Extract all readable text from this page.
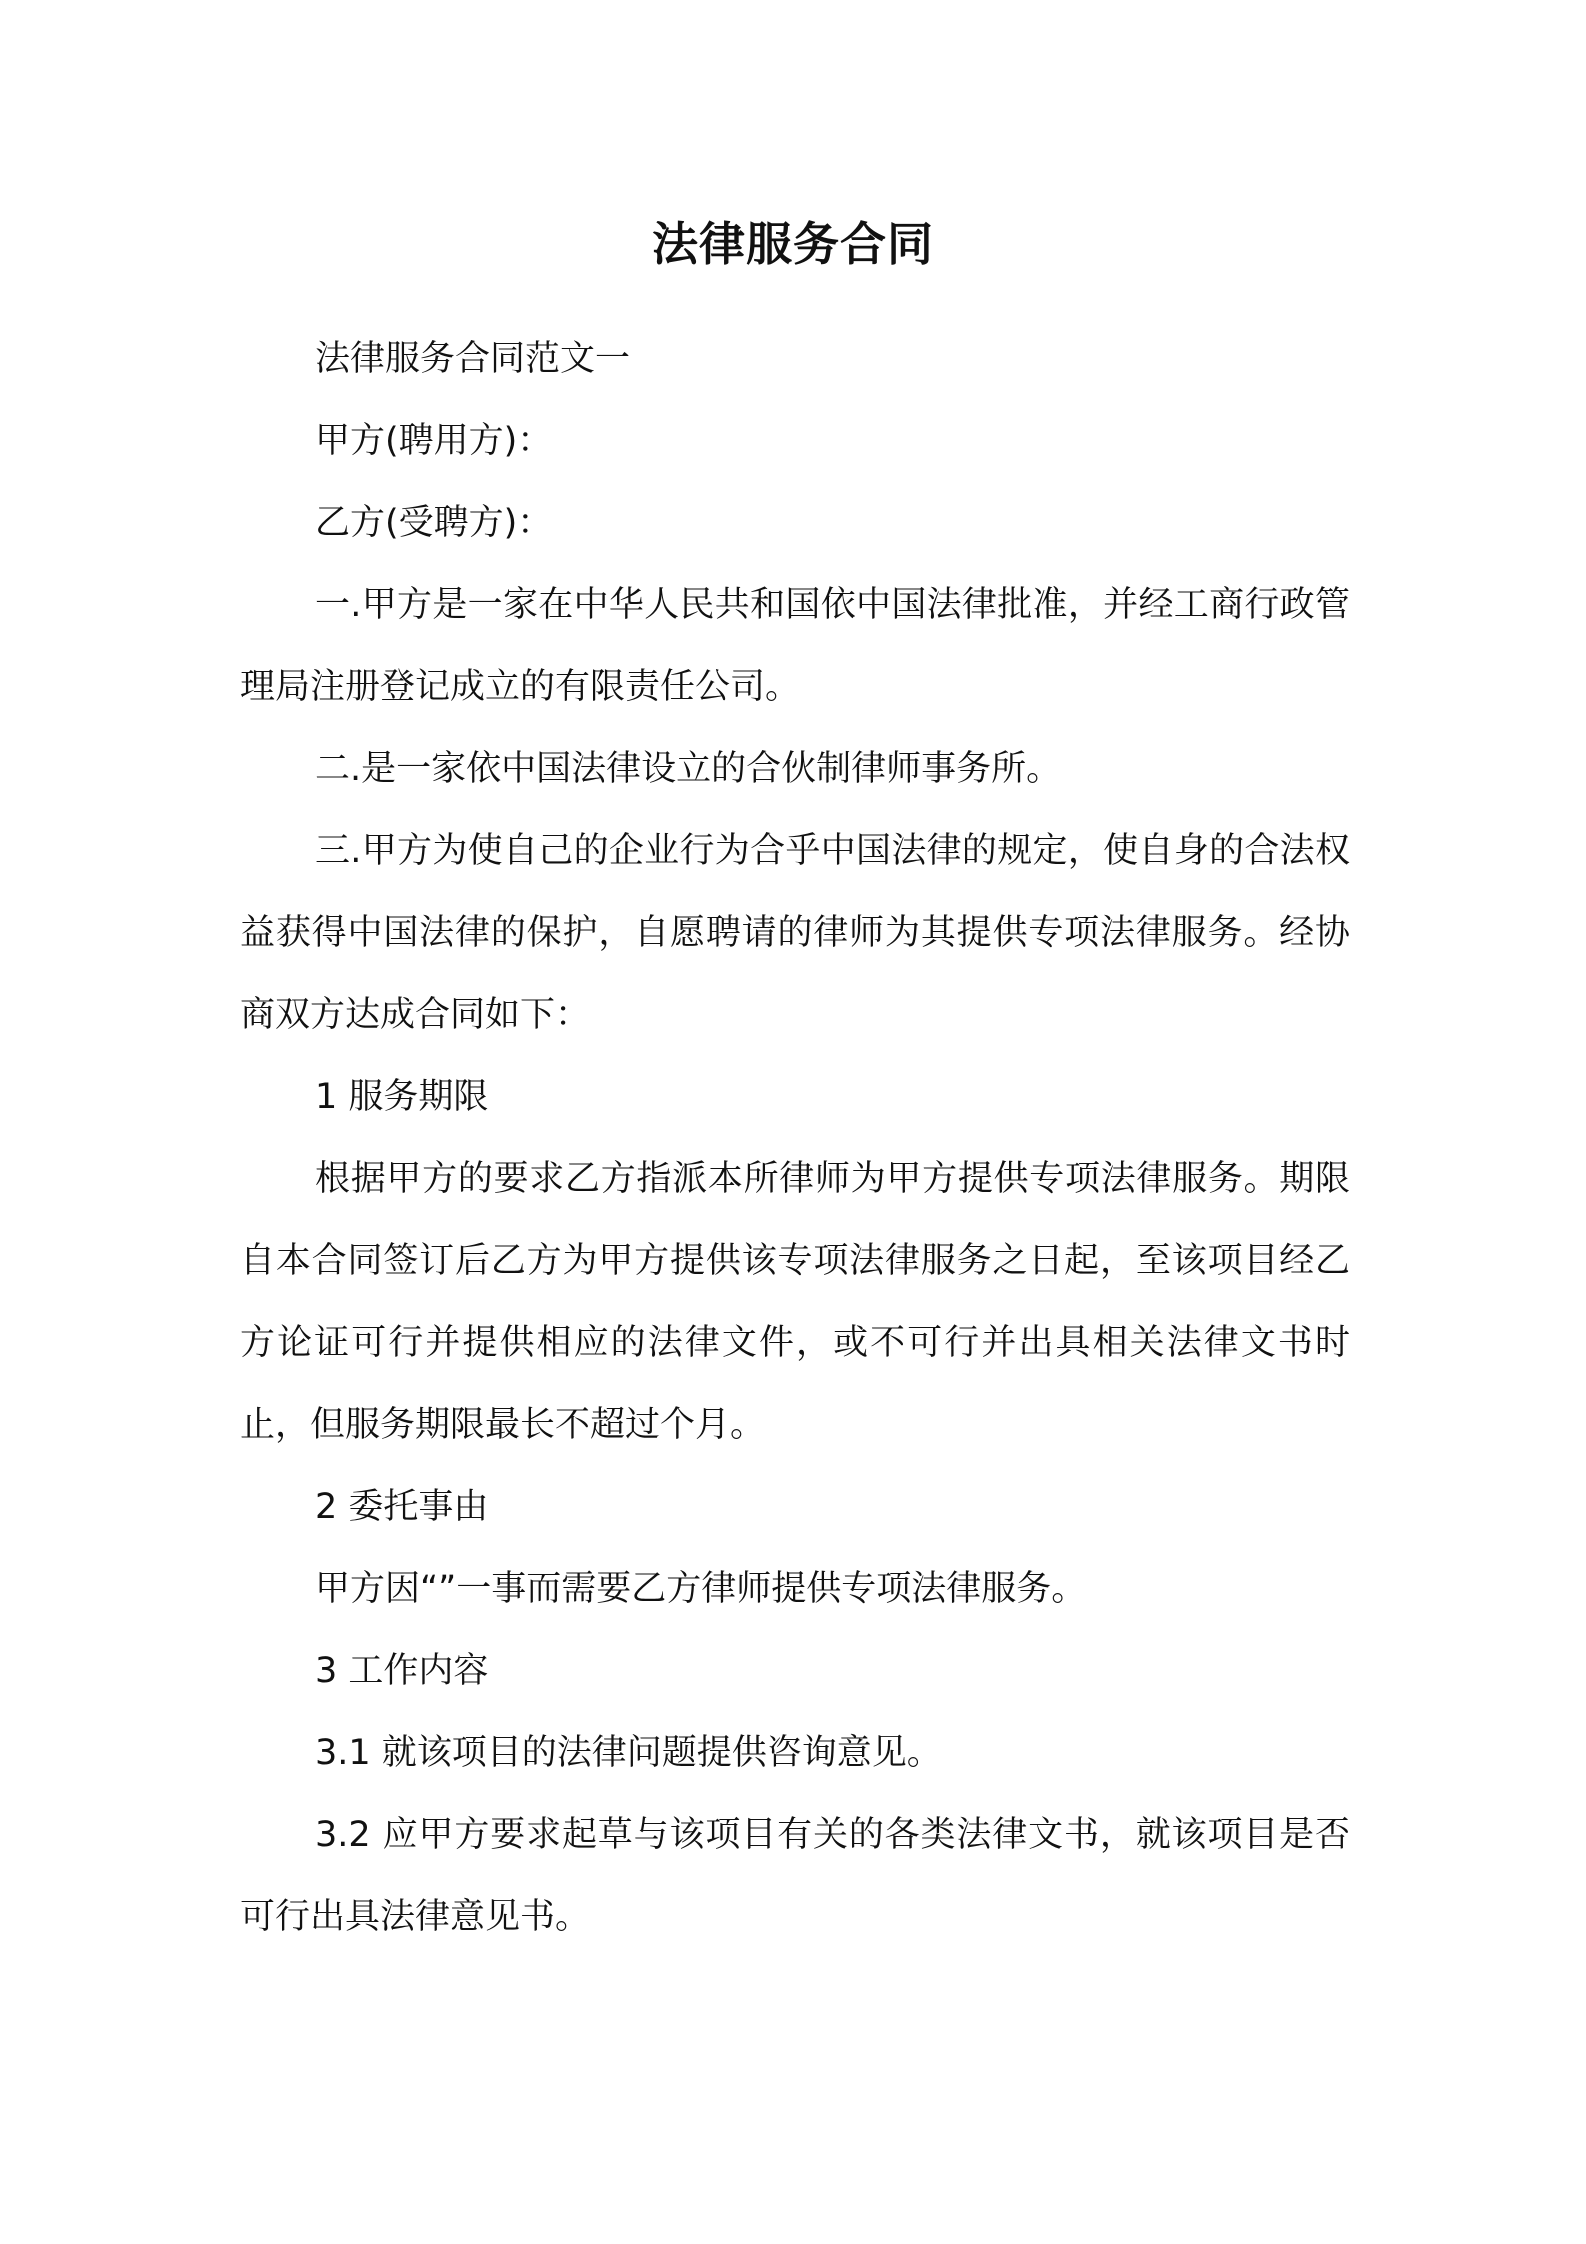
法律服务合同

法律服务合同范文一

甲方(聘用方)：

乙方(受聘方)：

一.甲方是一家在中华人民共和国依中国法律批准，并经工商行政管理局注册登记成立的有限责任公司。

二.是一家依中国法律设立的合伙制律师事务所。

三.甲方为使自己的企业行为合乎中国法律的规定，使自身的合法权益获得中国法律的保护，自愿聘请的律师为其提供专项法律服务。经协商双方达成合同如下：

1 服务期限

根据甲方的要求乙方指派本所律师为甲方提供专项法律服务。期限自本合同签订后乙方为甲方提供该专项法律服务之日起，至该项目经乙方论证可行并提供相应的法律文件，或不可行并出具相关法律文书时止，但服务期限最长不超过个月。

2 委托事由

甲方因“”一事而需要乙方律师提供专项法律服务。

3 工作内容

3.1 就该项目的法律问题提供咨询意见。

3.2 应甲方要求起草与该项目有关的各类法律文书，就该项目是否可行出具法律意见书。
